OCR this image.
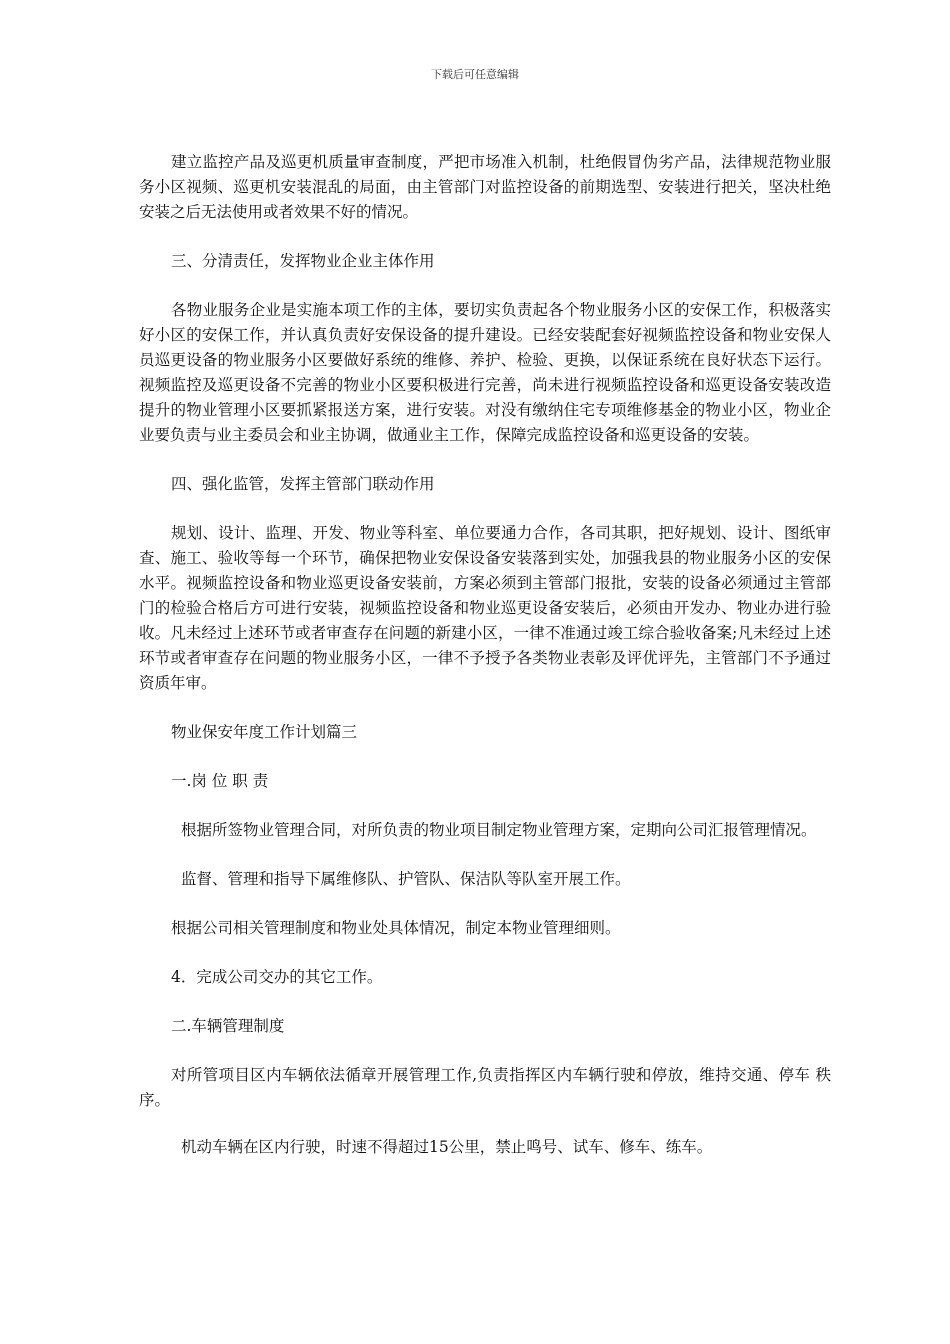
下载后可任意编辑

建立监控产品及巡更机质量审查制度，严把市场准入机制，杜绝假冒伪劣产品，法律规范物业服务小区视频、巡更机安装混乱的局面，由主管部门对监控设备的前期选型、安装进行把关，坚决杜绝安装之后无法使用或者效果不好的情况。

三、分清责任，发挥物业企业主体作用

各物业服务企业是实施本项工作的主体，要切实负责起各个物业服务小区的安保工作，积极落实好小区的安保工作，并认真负责好安保设备的提升建设。已经安装配套好视频监控设备和物业安保人员巡更设备的物业服务小区要做好系统的维修、养护、检验、更换，以保证系统在良好状态下运行。视频监控及巡更设备不完善的物业小区要积极进行完善，尚未进行视频监控设备和巡更设备安装改造提升的物业管理小区要抓紧报送方案，进行安装。对没有缴纳住宅专项维修基金的物业小区，物业企业要负责与业主委员会和业主协调，做通业主工作，保障完成监控设备和巡更设备的安装。

四、强化监管，发挥主管部门联动作用

规划、设计、监理、开发、物业等科室、单位要通力合作，各司其职，把好规划、设计、图纸审查、施工、验收等每一个环节，确保把物业安保设备安装落到实处，加强我县的物业服务小区的安保水平。视频监控设备和物业巡更设备安装前，方案必须到主管部门报批，安装的设备必须通过主管部门的检验合格后方可进行安装，视频监控设备和物业巡更设备安装后，必须由开发办、物业办进行验收。凡未经过上述环节或者审查存在问题的新建小区，一律不准通过竣工综合验收备案;凡未经过上述环节或者审查存在问题的物业服务小区，一律不予授予各类物业表彰及评优评先，主管部门不予通过资质年审。

物业保安年度工作计划篇三

一.岗 位 职 责

根据所签物业管理合同，对所负责的物业项目制定物业管理方案，定期向公司汇报管理情况。

监督、管理和指导下属维修队、护管队、保洁队等队室开展工作。

根据公司相关管理制度和物业处具体情况，制定本物业管理细则。

4．完成公司交办的其它工作。

二.车辆管理制度

对所管项目区内车辆依法循章开展管理工作,负责指挥区内车辆行驶和停放，维持交通、停车 秩序。

机动车辆在区内行驶，时速不得超过15公里，禁止鸣号、试车、修车、练车。
